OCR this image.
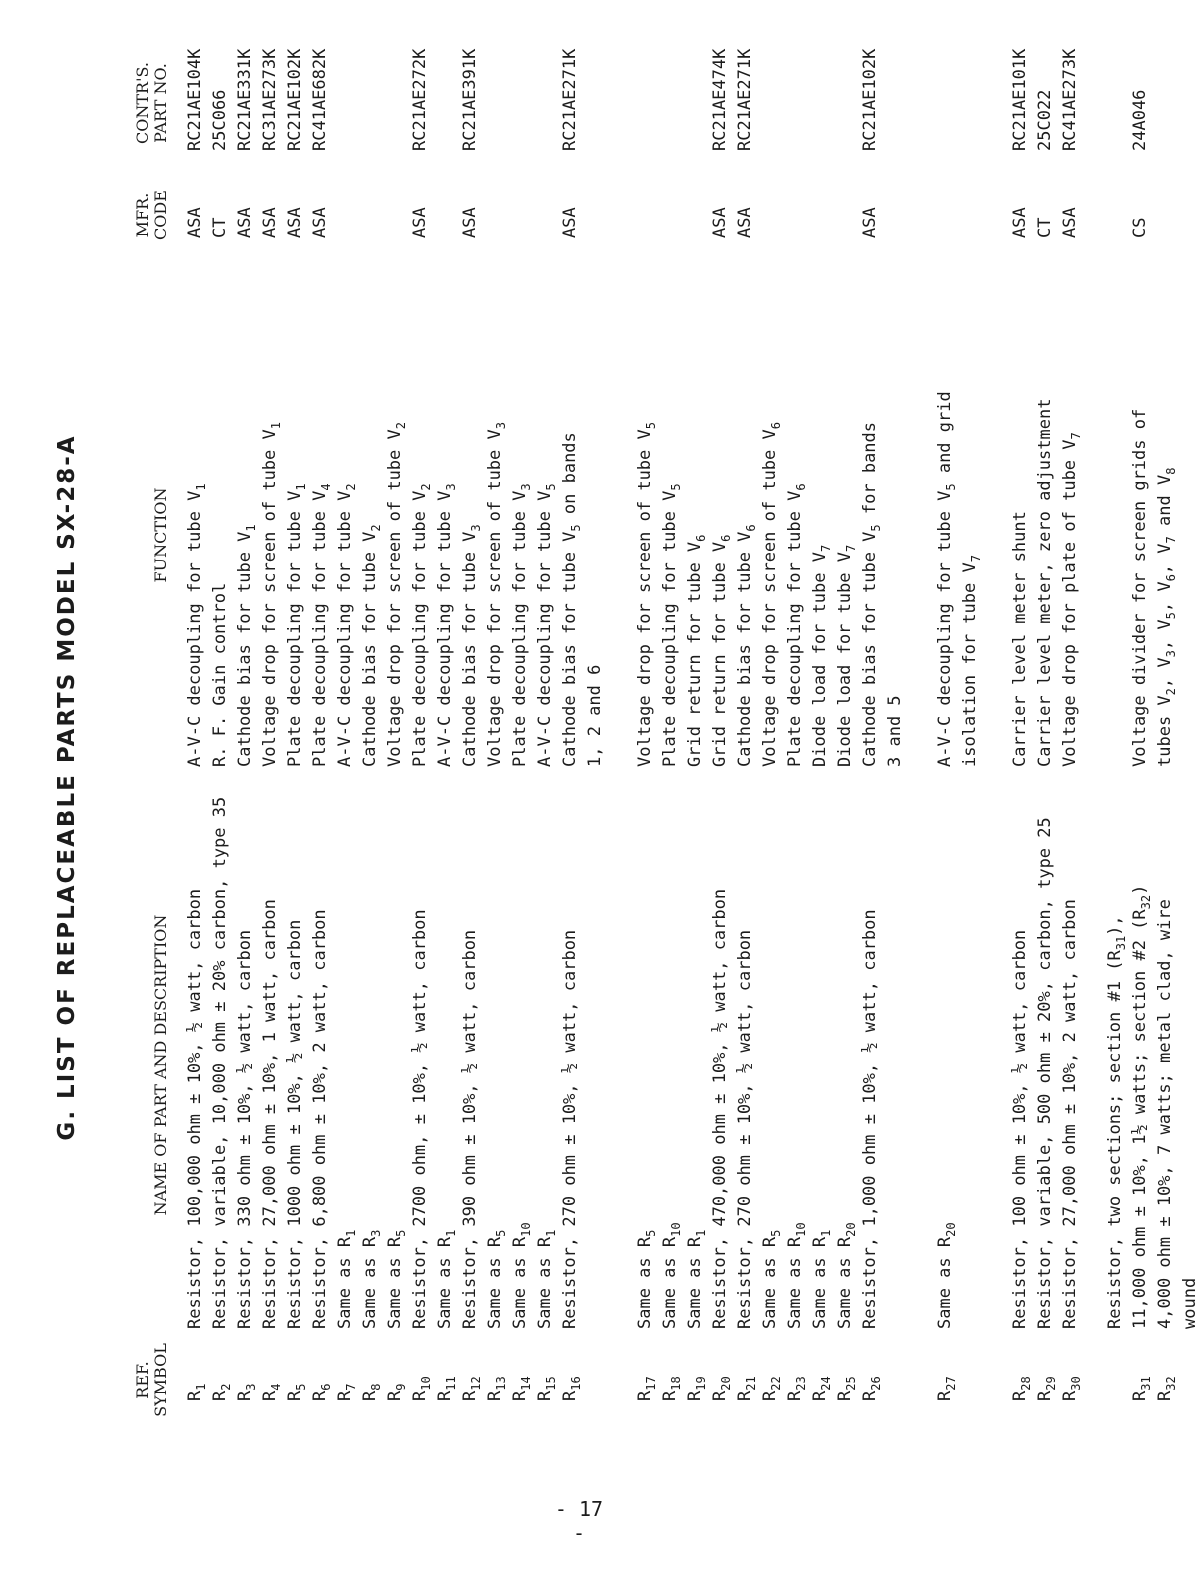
G. LIST OF REPLACEABLE PARTS MODEL SX-28-A
REF.
SYMBOL
NAME OF PART AND DESCRIPTION
FUNCTION
MFR.
CODE
CONTR'S.
PART NO.
$R_1$
Resistor, 100,000 ohm ± 10%, ½ watt, carbon
A-V-C decoupling for tube $V_1$
ASA
RC21AE104K
$R_2$
Resistor, variable, 10,000 ohm ± 20% carbon, type 35
R. F. Gain control
CT
25C066
$R_3$
Resistor, 330 ohm ± 10%, ½ watt, carbon
Cathode bias for tube $V_1$
ASA
RC21AE331K
$R_4$
Resistor, 27,000 ohm ± 10%, 1 watt, carbon
Voltage drop for screen of tube $V_1$
ASA
RC31AE273K
$R_5$
Resistor, 1000 ohm ± 10%, ½ watt, carbon
Plate decoupling for tube $V_1$
ASA
RC21AE102K
$R_6$
Resistor, 6,800 ohm ± 10%, 2 watt, carbon
Plate decoupling for tube $V_4$
ASA
RC41AE682K
$R_7$
Same as $R_1$
A-V-C decoupling for tube $V_2$
$R_8$
Same as $R_3$
Cathode bias for tube $V_2$
$R_9$
Same as $R_5$
Voltage drop for screen of tube $V_2$
$R_{10}$
Resistor, 2700 ohm, ± 10%, ½ watt, carbon
Plate decoupling for tube $V_2$
ASA
RC21AE272K
$R_{11}$
Same as $R_1$
A-V-C decoupling for tube $V_3$
$R_{12}$
Resistor, 390 ohm ± 10%, ½ watt, carbon
Cathode bias for tube $V_3$
ASA
RC21AE391K
$R_{13}$
Same as $R_5$
Voltage drop for screen of tube $V_3$
$R_{14}$
Same as $R_{10}$
Plate decoupling for tube $V_3$
$R_{15}$
Same as $R_1$
A-V-C decoupling for tube $V_5$
$R_{16}$
Resistor, 270 ohm ± 10%, ½ watt, carbon
Cathode bias for tube $V_5$ on bands
ASA
RC21AE271K
1, 2 and 6
$R_{17}$
Same as $R_5$
Voltage drop for screen of tube $V_5$
$R_{18}$
Same as $R_{10}$
Plate decoupling for tube $V_5$
$R_{19}$
Same as $R_1$
Grid return for tube $V_6$
$R_{20}$
Resistor, 470,000 ohm ± 10%, ½ watt, carbon
Grid return for tube $V_6$
ASA
RC21AE474K
$R_{21}$
Resistor, 270 ohm ± 10%, ½ watt, carbon
Cathode bias for tube $V_6$
ASA
RC21AE271K
$R_{22}$
Same as $R_5$
Voltage drop for screen of tube $V_6$
$R_{23}$
Same as $R_{10}$
Plate decoupling for tube $V_6$
$R_{24}$
Same as $R_1$
Diode load for tube $V_7$
$R_{25}$
Same as $R_{20}$
Diode load for tube $V_7$
$R_{26}$
Resistor, 1,000 ohm ± 10%, ½ watt, carbon
Cathode bias for tube $V_5$ for bands
ASA
RC21AE102K
3 and 5
$R_{27}$
Same as $R_{20}$
A-V-C decoupling for tube $V_5$ and grid
isolation for tube $V_7$
$R_{28}$
Resistor, 100 ohm ± 10%, ½ watt, carbon
Carrier level meter shunt
ASA
RC21AE101K
$R_{29}$
Resistor, variable, 500 ohm ± 20%, carbon, type 25
Carrier level meter, zero adjustment
CT
25C022
$R_{30}$
Resistor, 27,000 ohm ± 10%, 2 watt, carbon
Voltage drop for plate of tube $V_7$
ASA
RC41AE273K
Resistor, two sections; section #1 $(R_{31})$,
$R_{31}$
11,000 ohm ± 10%, 1½ watts; section #2 $(R_{32})$
Voltage divider for screen grids of
CS
24A046
$R_{32}$
4,000 ohm ± 10%, 7 watts; metal clad, wire
tubes $V_2$, $V_3$, $V_5$, $V_6$, $V_7$ and $V_8$
wound
- 17 -
